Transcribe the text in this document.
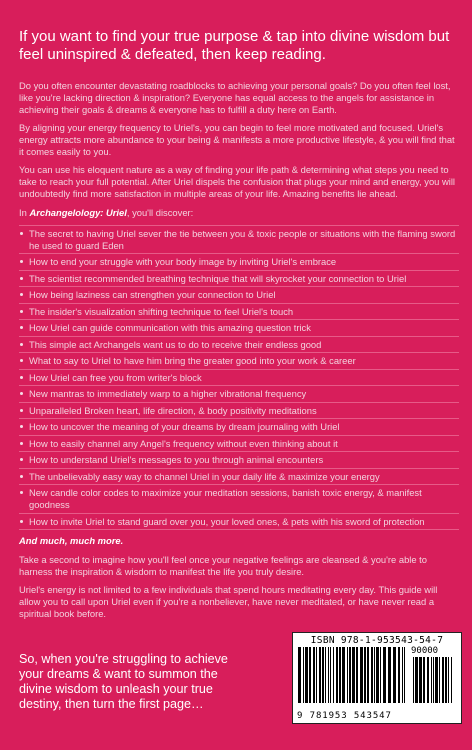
If you want to find your true purpose & tap into divine wisdom but feel uninspired & defeated, then keep reading.

Do you often encounter devastating roadblocks to achieving your personal goals? Do you often feel lost, like you're lacking direction & inspiration? Everyone has equal access to the angels for assistance in achieving their goals & dreams & everyone has to fulfill a duty here on Earth.

By aligning your energy frequency to Uriel's, you can begin to feel more motivated and focused. Uriel's energy attracts more abundance to your being & manifests a more productive lifestyle, & you will find that it comes easily to you.

You can use his eloquent nature as a way of finding your life path & determining what steps you need to take to reach your full potential. After Uriel dispels the confusion that plugs your mind and energy, you will undoubtedly find more satisfaction in multiple areas of your life. Amazing benefits lie ahead.

In Archangelology: Uriel, you'll discover:

The secret to having Uriel sever the tie between you & toxic people or situations with the flaming sword he used to guard Eden
How to end your struggle with your body image by inviting Uriel's embrace
The scientist recommended breathing technique that will skyrocket your connection to Uriel
How being laziness can strengthen your connection to Uriel
The insider's visualization shifting technique to feel Uriel's touch
How Uriel can guide communication with this amazing question trick
This simple act Archangels want us to do to receive their endless good
What to say to Uriel to have him bring the greater good into your work & career
How Uriel can free you from writer's block
New mantras to immediately warp to a higher vibrational frequency
Unparalleled Broken heart, life direction, & body positivity meditations
How to uncover the meaning of your dreams by dream journaling with Uriel
How to easily channel any Angel's frequency without even thinking about it
How to understand Uriel's messages to you through animal encounters
The unbelievably easy way to channel Uriel in your daily life & maximize your energy
New candle color codes to maximize your meditation sessions, banish toxic energy, & manifest goodness
How to invite Uriel to stand guard over you, your loved ones, & pets with his sword of protection

And much, much more.

Take a second to imagine how you'll feel once your negative feelings are cleansed & you're able to harness the inspiration & wisdom to manifest the life you truly desire.

Uriel's energy is not limited to a few individuals that spend hours meditating every day. This guide will allow you to call upon Uriel even if you're a nonbeliever, have never meditated, or have never read a spiritual book before.

So, when you're struggling to achieve your dreams & want to summon the divine wisdom to unleash your true destiny, then turn the first page…

ISBN 978-1-953543-54-7
90000
9 781953 543547
